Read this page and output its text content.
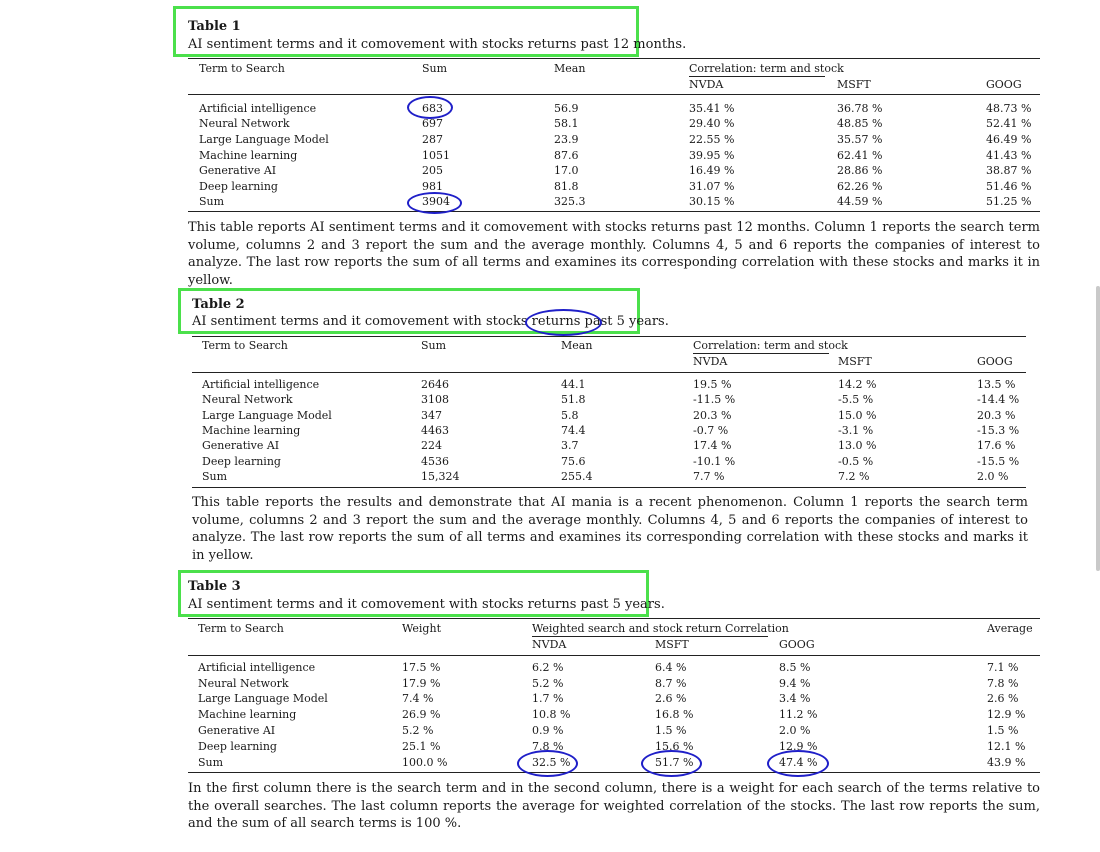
Table 1
AI sentiment terms and it comovement with stocks returns past 12 months.
Term to Search	Sum	Mean	Correlation: term and stock
NVDA	MSFT	GOOG
Artificial intelligence	683	56.9	35.41 %	36.78 %	48.73 %
Neural Network	697	58.1	29.40 %	48.85 %	52.41 %
Large Language Model	287	23.9	22.55 %	35.57 %	46.49 %
Machine learning	1051	87.6	39.95 %	62.41 %	41.43 %
Generative AI	205	17.0	16.49 %	28.86 %	38.87 %
Deep learning	981	81.8	31.07 %	62.26 %	51.46 %
Sum	3904	325.3	30.15 %	44.59 %	51.25 %
This table reports AI sentiment terms and it comovement with stocks returns past 12 months. Column 1 reports the search term volume, columns 2 and 3 report the sum and the average monthly. Columns 4, 5 and 6 reports the companies of interest to analyze. The last row reports the sum of all terms and examines its corresponding correlation with these stocks and marks it in yellow.
Table 2
AI sentiment terms and it comovement with stocks returns past 5 years.
Term to Search	Sum	Mean	Correlation: term and stock
NVDA	MSFT	GOOG
Artificial intelligence	2646	44.1	19.5 %	14.2 %	13.5 %
Neural Network	3108	51.8	-11.5 %	-5.5 %	-14.4 %
Large Language Model	347	5.8	20.3 %	15.0 %	20.3 %
Machine learning	4463	74.4	-0.7 %	-3.1 %	-15.3 %
Generative AI	224	3.7	17.4 %	13.0 %	17.6 %
Deep learning	4536	75.6	-10.1 %	-0.5 %	-15.5 %
Sum	15,324	255.4	7.7 %	7.2 %	2.0 %
This table reports the results and demonstrate that AI mania is a recent phenomenon. Column 1 reports the search term volume, columns 2 and 3 report the sum and the average monthly. Columns 4, 5 and 6 reports the companies of interest to analyze. The last row reports the sum of all terms and examines its corresponding correlation with these stocks and marks it in yellow.
Table 3
AI sentiment terms and it comovement with stocks returns past 5 years.
Term to Search	Weight	Weighted search and stock return Correlation	Average
NVDA	MSFT	GOOG
Artificial intelligence	17.5 %	6.2 %	6.4 %	8.5 %	7.1 %
Neural Network	17.9 %	5.2 %	8.7 %	9.4 %	7.8 %
Large Language Model	7.4 %	1.7 %	2.6 %	3.4 %	2.6 %
Machine learning	26.9 %	10.8 %	16.8 %	11.2 %	12.9 %
Generative AI	5.2 %	0.9 %	1.5 %	2.0 %	1.5 %
Deep learning	25.1 %	7.8 %	15.6 %	12.9 %	12.1 %
Sum	100.0 %	32.5 %	51.7 %	47.4 %	43.9 %
In the first column there is the search term and in the second column, there is a weight for each search of the terms relative to the overall searches. The last column reports the average for weighted correlation of the stocks. The last row reports the sum, and the sum of all search terms is 100 %.
